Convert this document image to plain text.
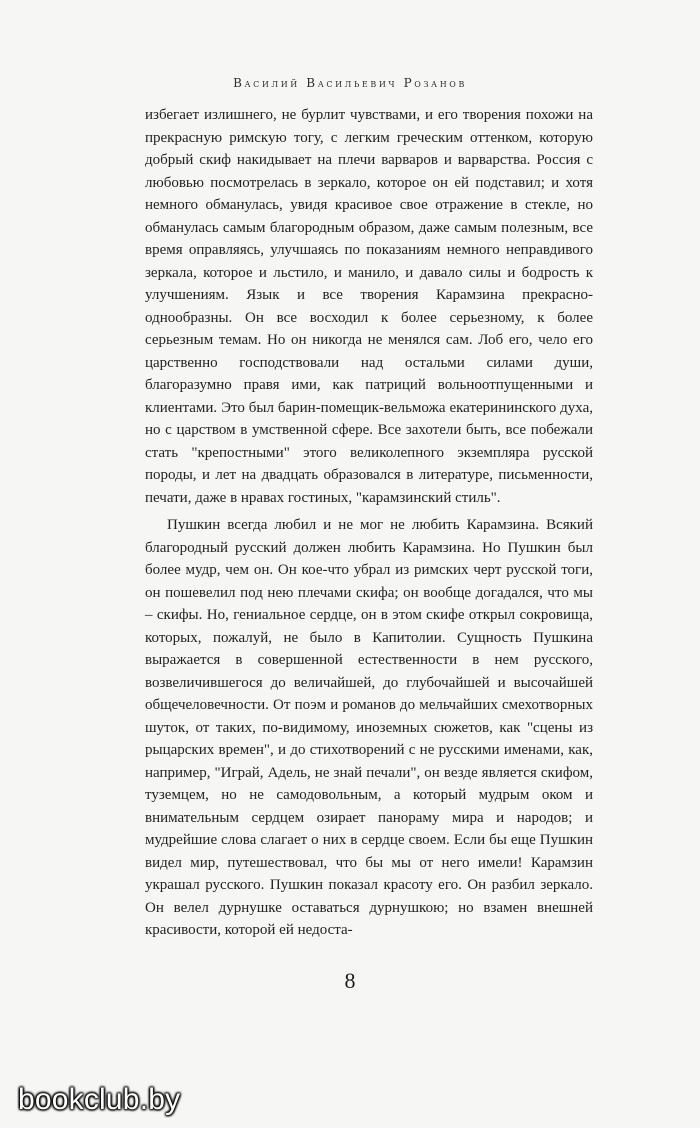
Василий Васильевич Розанов

избегает излишнего, не бурлит чувствами, и его творения похожи на прекрасную римскую тогу, с легким греческим оттенком, которую добрый скиф накидывает на плечи варваров и варварства. Россия с любовью посмотрелась в зеркало, которое он ей подставил; и хотя немного обманулась, увидя красивое свое отражение в стекле, но обманулась самым благородным образом, даже самым полезным, все время оправляясь, улучшаясь по показаниям немного неправдивого зеркала, которое и льстило, и манило, и давало силы и бодрость к улучшениям. Язык и все творения Карамзина прекрасно-однообразны. Он все восходил к более серьезному, к более серьезным темам. Но он никогда не менялся сам. Лоб его, чело его царственно господствовали над остальми силами души, благоразумно правя ими, как патриций вольноотпущенными и клиентами. Это был барин-помещик-вельможа екатерининского духа, но с царством в умственной сфере. Все захотели быть, все побежали стать "крепостными" этого великолепного экземпляра русской породы, и лет на двадцать образовался в литературе, письменности, печати, даже в нравах гостиных, "карамзинский стиль".

Пушкин всегда любил и не мог не любить Карамзина. Всякий благородный русский должен любить Карамзина. Но Пушкин был более мудр, чем он. Он кое-что убрал из римских черт русской тоги, он пошевелил под нею плечами скифа; он вообще догадался, что мы – скифы. Но, гениальное сердце, он в этом скифе открыл сокровища, которых, пожалуй, не было в Капитолии. Сущность Пушкина выражается в совершенной естественности в нем русского, возвеличившегося до величайшей, до глубочайшей и высочайшей общечеловечности. От поэм и романов до мельчайших смехотворных шуток, от таких, по-видимому, иноземных сюжетов, как "сцены из рыцарских времен", и до стихотворений с не русскими именами, как, например, "Играй, Адель, не знай печали", он везде является скифом, туземцем, но не самодовольным, а который мудрым оком и внимательным сердцем озирает панораму мира и народов; и мудрейшие слова слагает о них в сердце своем. Если бы еще Пушкин видел мир, путешествовал, что бы мы от него имели! Карамзин украшал русского. Пушкин показал красоту его. Он разбил зеркало. Он велел дурнушке оставаться дурнушкою; но взамен внешней красивости, которой ей недоста-

8
bookclub.by
